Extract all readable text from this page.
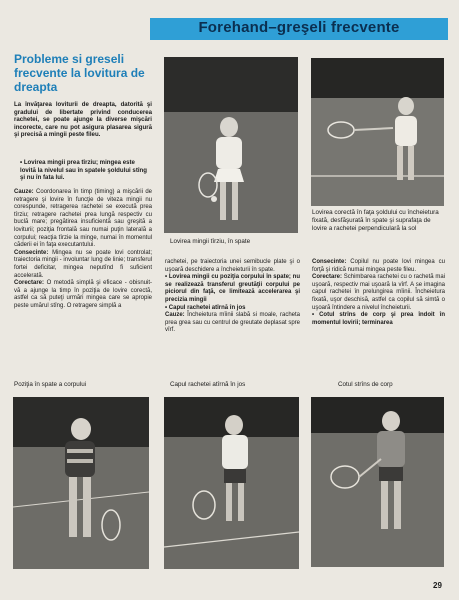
Forehand–greşeli frecvente
Probleme si greseli frecvente la lovitura de dreapta
La învăţarea loviturii de dreapta, datorită şi gradului de libertate privind conducerea rachetei, se poate ajunge la diverse mişcări incorecte, care nu pot asigura plasarea sigură şi precisă a mingii peste fileu.
• Lovirea mingii prea tîrziu; mingea este lovită la nivelul sau în spatele şoldului stîng şi nu în fata lui.
Cauze: Coordonarea în timp (timing) a mişcării de retragere şi lovire în funcţie de viteza mingii nu corespunde, retragerea rachetei se execută prea tîrziu; retragere rachetei prea lungă respectiv cu buclă mare; pregătirea insuficientă sau greşită a loviturii; poziţia frontală sau numai puţin laterală a corpului; reacţia tîrzie la minge, numai în momentul căderii ei în faţa executantului.
Consecinte: Mingea nu se poate lovi controlat; traiectoria mingii - involuntar lung de linie; transferul fortei deficitar, mingea neputînd fi suficient accelerată.
Corectare: O metodă simplă şi eficace - obisnuit-vă a ajunge la timp în poziţia de lovire corectă, astfel ca să puteţi urmări mingea care se apropie peste umărul stîng. O retragere simplă a
Lovirea mingii tîrziu, în spate
Lovirea corectă în faţa şoldului cu încheietura fixată, desfăşurată în spate şi suprafaţa de lovire a rachetei perpendiculară la sol
rachetei, pe traiectoria unei semibucle plate şi o uşoară deschidere a încheieturii în spate.
• Lovirea mingii cu poziţia corpului în spate; nu se realizează transferul greutăţii corpului pe piciorul din faţă, ce limitează accelerarea şi precizia mingii
• Capul rachetei atîrnă în jos
Cauze: Încheietura mîinii slabă si moale, racheta prea grea sau cu centrul de greutate deplasat spre vîrf.
Consecinte: Copilul nu poate lovi mingea cu forţă şi ridică numai mingea peste fileu.
Corectare: Schimbarea rachetei cu o rachetă mai uşoară, respectiv mai uşoară la vîrf. A se imagina capul rachetei în prelungirea mîinii. Încheietura fixată, uşor deschisă, astfel ca copilul să simtă o uşoară întindere a nivelul încheieturii.
• Cotul strîns de corp şi prea îndoit în momentul lovirii; terminarea
Poziţia în spate a corpului	Capul rachetei atîrnă în jos	Cotul strîns de corp
29
